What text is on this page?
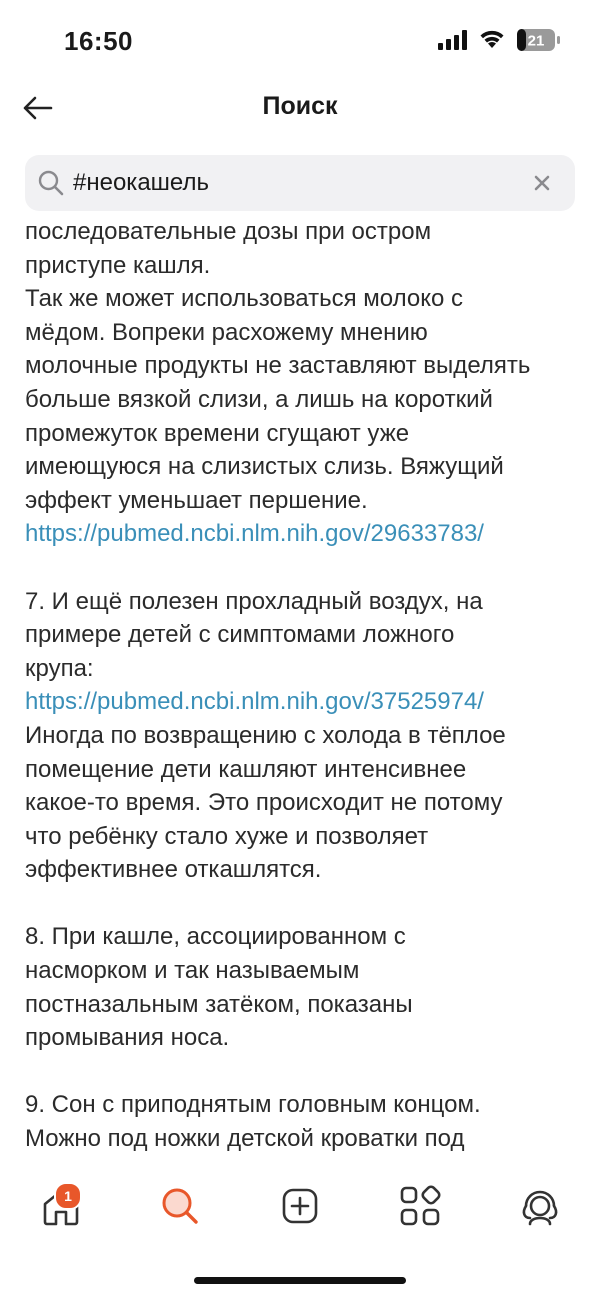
16:50	21
Поиск
#неокашель
последовательные дозы при остром
приступе кашля.
Так же может использоваться молоко с
мёдом. Вопреки расхожему мнению
молочные продукты не заставляют выделять
больше вязкой слизи, а лишь на короткий
промежуток времени сгущают уже
имеющуюся на слизистых слизь. Вяжущий
эффект уменьшает першение.
https://pubmed.ncbi.nlm.nih.gov/29633783/
7. И ещё полезен прохладный воздух, на
примере детей с симптомами ложного
крупа:
https://pubmed.ncbi.nlm.nih.gov/37525974/
Иногда по возвращению с холода в тёплое
помещение дети кашляют интенсивнее
какое-то время. Это происходит не потому
что ребёнку стало хуже и позволяет
эффективнее откашлятся.
8. При кашле, ассоциированном с
насморком и так называемым
постназальным затёком, показаны
промывания носа.
9. Сон с приподнятым головным концом.
Можно под ножки детской кроватки под
1
